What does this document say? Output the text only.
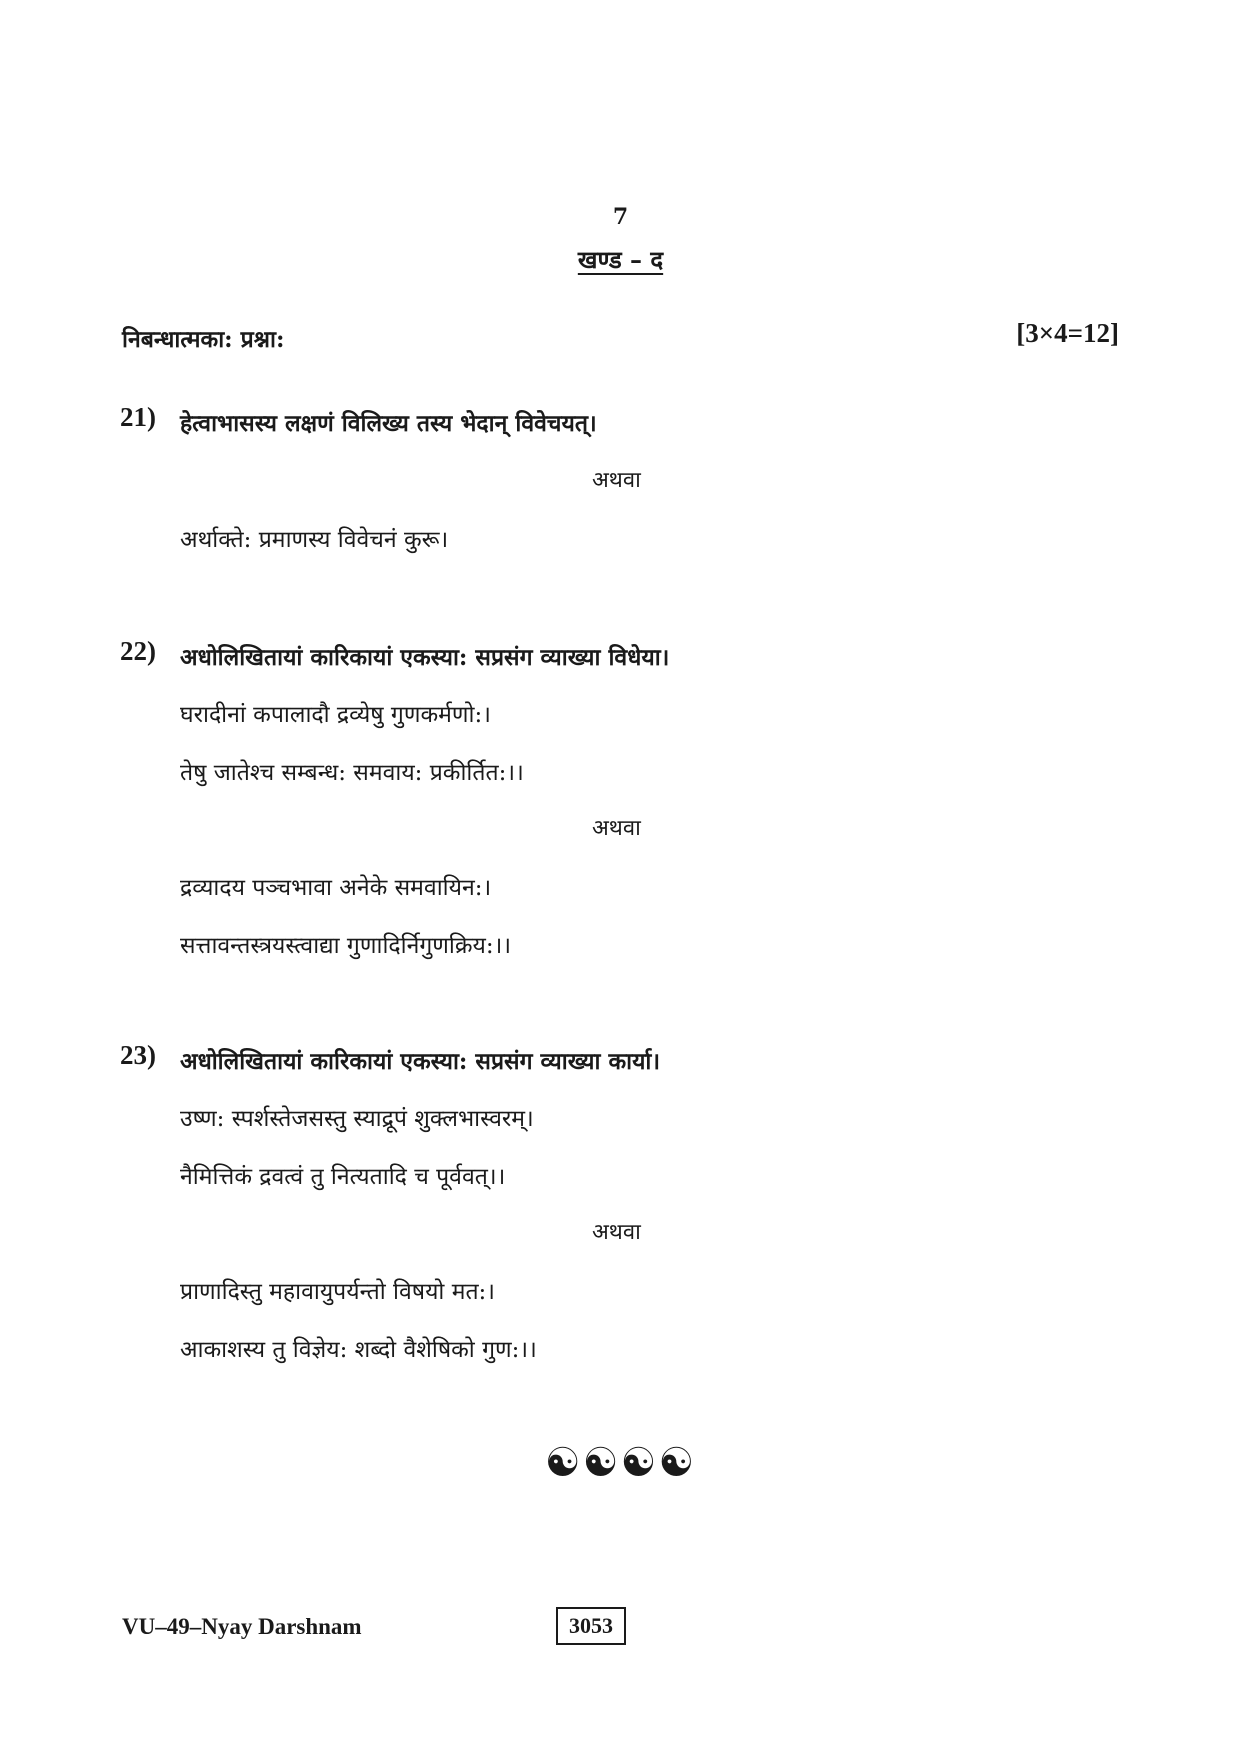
7
खण्ड – द
निबन्धात्मका: प्रश्ना:	[3×4=12]
21) हेत्वाभासस्य लक्षणं विलिख्य तस्य भेदान् विवेचयत्।
अथवा
अर्थाक्ते: प्रमाणस्य विवेचनं कुरू।
22) अधोलिखितायां कारिकायां एकस्या: सप्रसंग व्याख्या विधेया।
घरादीनां कपालादौ द्रव्येषु गुणकर्मणो:।
तेषु जातेश्च सम्बन्ध: समवाय: प्रकीर्तित:।।
अथवा
द्रव्यादय पञ्चभावा अनेके समवायिन:।
सत्तावन्तस्त्रयस्त्वाद्या गुणादिर्निगुणक्रिय:।।
23) अधोलिखितायां कारिकायां एकस्या: सप्रसंग व्याख्या कार्या।
उष्ण: स्पर्शस्तेजसस्तु स्याद्रूपं शुक्लभास्वरम्।
नैमित्तिकं द्रवत्वं तु नित्यतादि च पूर्ववत्।।
अथवा
प्राणादिस्तु महावायुपर्यन्तो विषयो मत:।
आकाशस्य तु विज्ञेय: शब्दो वैशेषिको गुण:।।
☯☯☯☯
VU–49–Nyay Darshnam	3053
